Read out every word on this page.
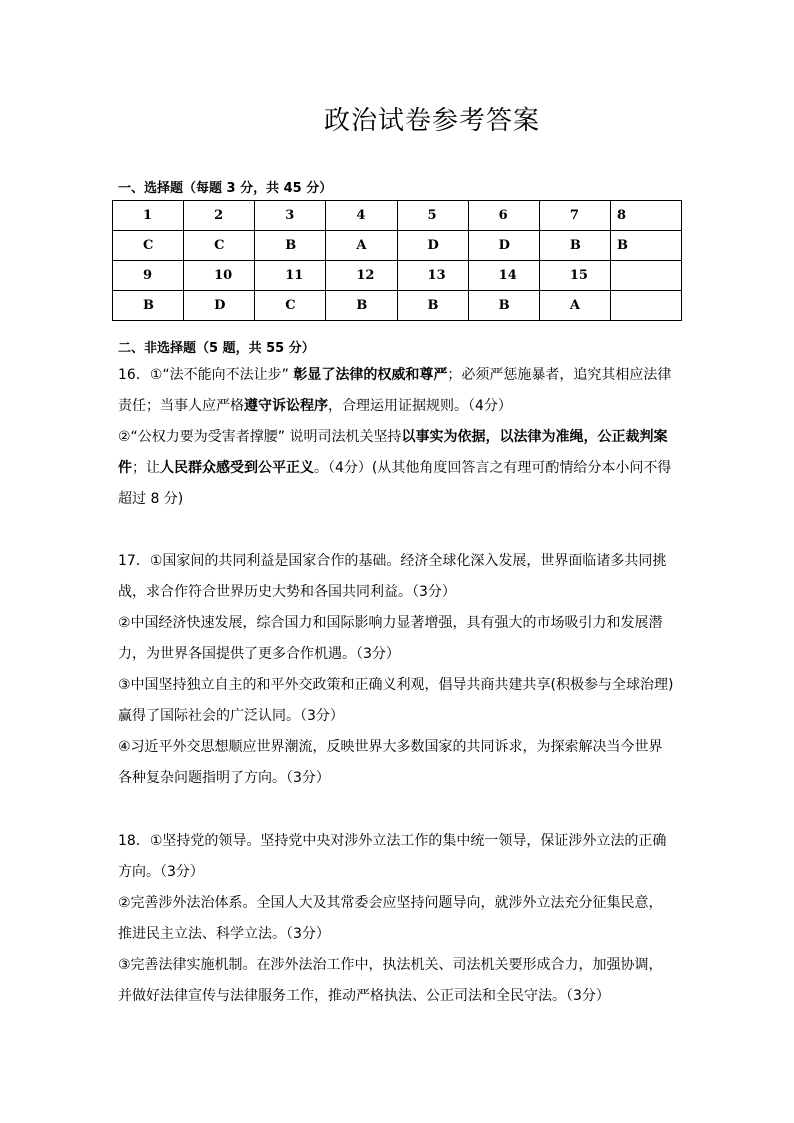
政治试卷参考答案
一、选择题（每题 3 分，共 45 分）
1	2	3	4	5	6	7	8
C	C	B	A	D	D	B	B
9	10	11	12	13	14	15	
B	D	C	B	B	B	A	
二、非选择题（5 题，共 55 分）

16．①“法不能向不法让步” 彰显了法律的权威和尊严；必须严惩施暴者，追究其相应法律责任；当事人应严格遵守诉讼程序，合理运用证据规则。（4分）

②“公权力要为受害者撑腰” 说明司法机关坚持以事实为依据，以法律为准绳，公正裁判案件；让人民群众感受到公平正义。（4分）(从其他角度回答言之有理可酌情给分本小问不得超过 8 分)

17．①国家间的共同利益是国家合作的基础。经济全球化深入发展，世界面临诸多共同挑战，求合作符合世界历史大势和各国共同利益。（3分）

②中国经济快速发展，综合国力和国际影响力显著增强，具有强大的市场吸引力和发展潜力，为世界各国提供了更多合作机遇。（3分）

③中国坚持独立自主的和平外交政策和正确义利观，倡导共商共建共享(积极参与全球治理)赢得了国际社会的广泛认同。（3分）

④习近平外交思想顺应世界潮流，反映世界大多数国家的共同诉求，为探索解决当今世界各种复杂问题指明了方向。（3分）

18．①坚持党的领导。坚持党中央对涉外立法工作的集中统一领导，保证涉外立法的正确方向。（3分）

②完善涉外法治体系。全国人大及其常委会应坚持问题导向，就涉外立法充分征集民意，推进民主立法、科学立法。（3分）

③完善法律实施机制。在涉外法治工作中，执法机关、司法机关要形成合力，加强协调，并做好法律宣传与法律服务工作，推动严格执法、公正司法和全民守法。（3分）
